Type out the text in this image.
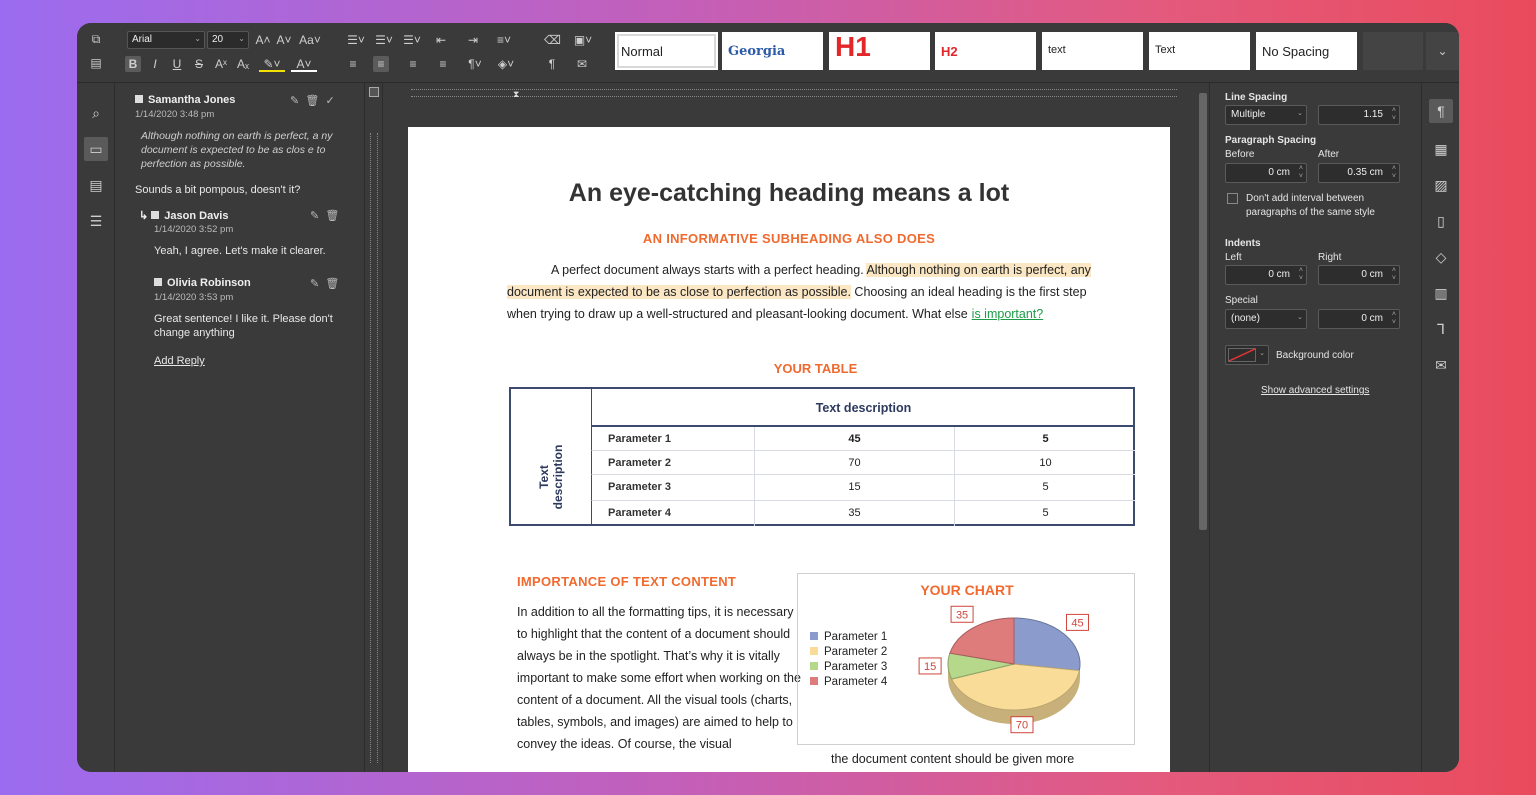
⧉
▤
Arial	⌄	20 ⌄ A˄ A˅ Aa˅
B	I	U	S	Aˣ Aₓ	✎˅	A˅
☰˅ ☰˅ ☰˅ ⇤ ⇥	≡˅
≡	≡	≡	≡	¶˅	◈˅
⌫ ▣˅
¶	✉
Normal	Georgia	H1	H2	text	Text	No Spacing	⌄
⌕
▭
▤
☰
Samantha Jones	✎ 🗑 ✓
1/14/2020 3:48 pm
Although nothing on earth is perfect, a ny document is expected to be as clos e to perfection as possible.
Sounds a bit pompous, doesn't it?
↳ Jason Davis	✎ 🗑
1/14/2020 3:52 pm
Yeah, I agree. Let's make it clearer.
Olivia Robinson	✎ 🗑
1/14/2020 3:53 pm
Great sentence! I like it. Please don't change anything
Add Reply
⧗
An eye-catching heading means a lot
AN INFORMATIVE SUBHEADING ALSO DOES
A perfect document always starts with a perfect heading. Although nothing on earth is perfect, any document is expected to be as close to perfection as possible. Choosing an ideal heading is the first step when trying to draw up a well-structured and pleasant-looking document. What else is important?
YOUR TABLE
Text description
Text description
Parameter 1	45	5
Parameter 2	70	10
Parameter 3	15	5
Parameter 4	35	5
IMPORTANCE OF TEXT CONTENT
In addition to all the formatting tips, it is necessary to highlight that the content of a document should always be in the spotlight. That’s why it is vitally important to make some effort when working on the content of a document. All the visual tools (charts, tables, symbols, and images) are aimed to help to convey the ideas. Of course, the visual
YOUR CHART
Parameter 1
Parameter 2
Parameter 3
Parameter 4
45
70
15
35
the document content should be given more
Line Spacing
Multiple	⌄	1.15 ˄
˅
Paragraph Spacing
Before	After
0 cm ˄
˅	0.35 cm ˄
˅
Don't add interval between paragraphs of the same style
Indents
Left	Right
0 cm ˄
˅	0 cm ˄
˅
Special
(none)	⌄	0 cm ˄
˅
⌄ Background color
Show advanced settings
¶
▦
▨
▯
◇
▥
Ꞁ
✉
